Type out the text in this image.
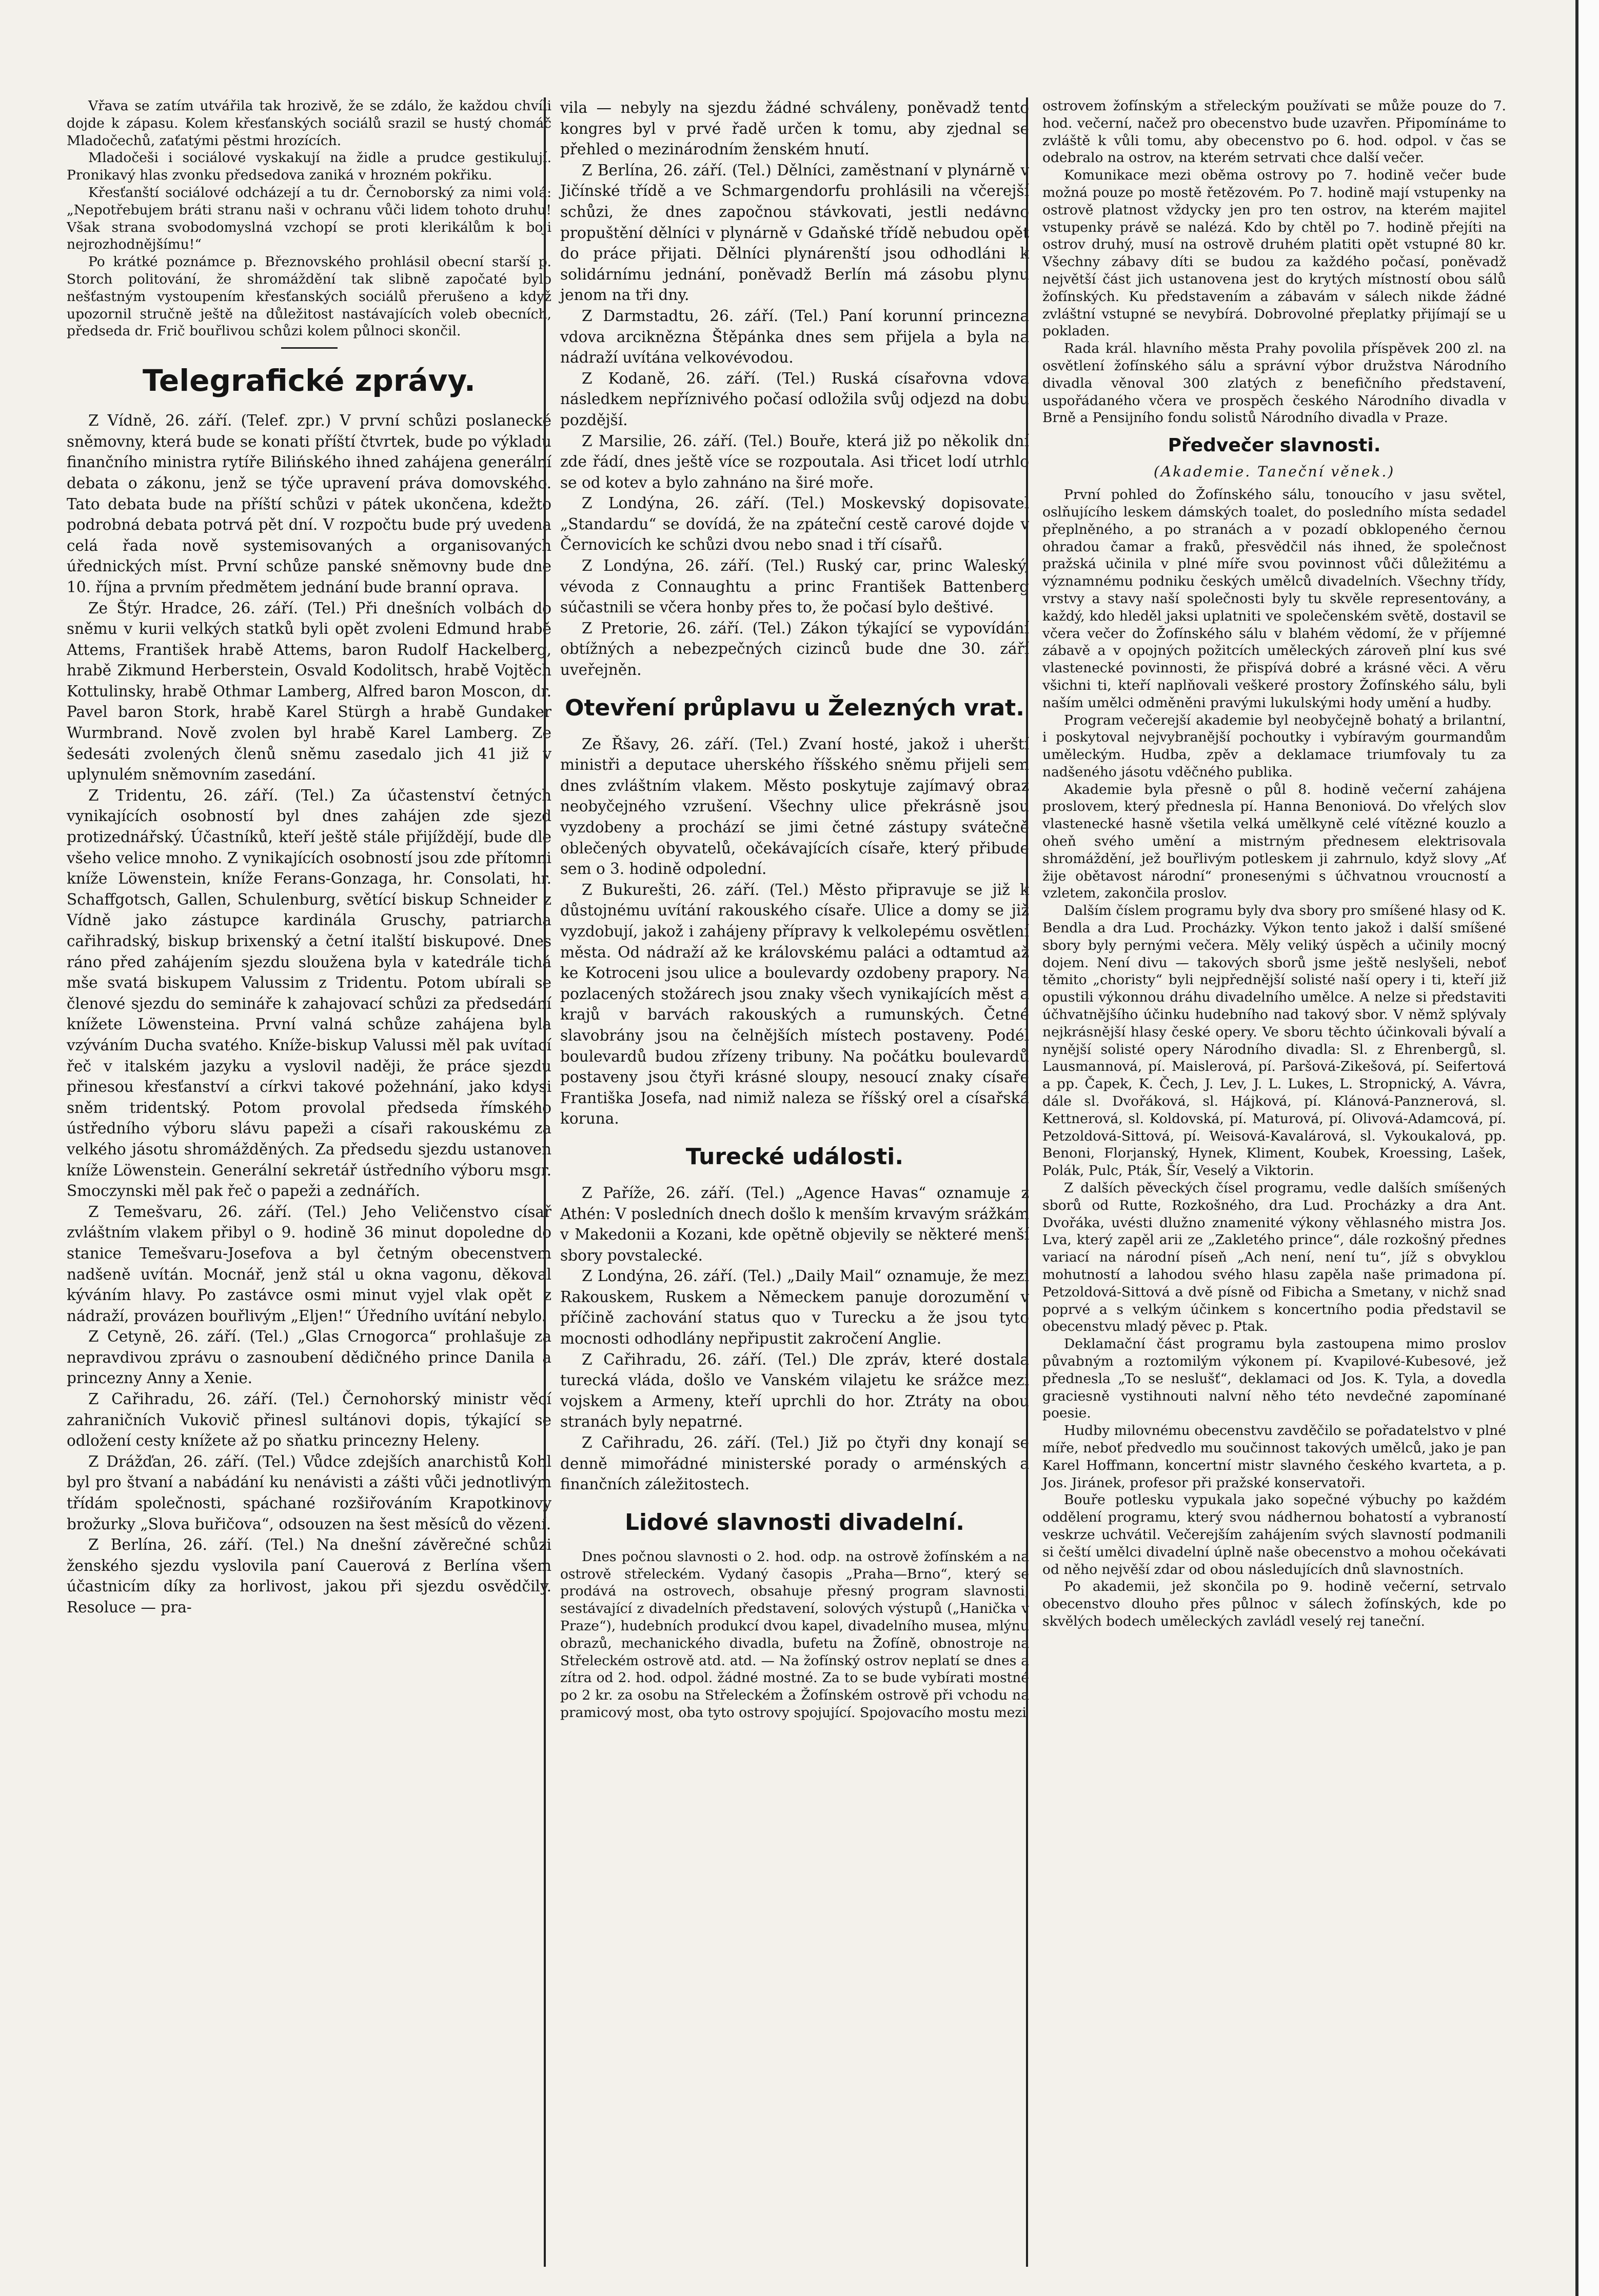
Vřava se zatím utvářila tak hrozivě, že se zdálo, že každou chvíli dojde k zápasu. Kolem křesťanských sociálů srazil se hustý chomáč Mladočechů, zaťatými pěstmi hrozících.

Mladočeši i sociálové vyskakují na židle a prudce gestikulují. Pronikavý hlas zvonku předsedova zaniká v hrozném pokřiku.

Křesťanští sociálové odcházejí a tu dr. Černoborský za nimi volá: „Nepotřebujem bráti stranu naši v ochranu vůči lidem tohoto druhu! Však strana svobodomyslná vzchopí se proti klerikálům k boji nejrozhodnějšímu!“

Po krátké poznámce p. Březnovského prohlásil obecní starší p. Storch politování, že shromáždění tak slibně započaté bylo nešťastným vystoupením křesťanských sociálů přerušeno a když upozornil stručně ještě na důležitost nastávajících voleb obecních, předseda dr. Frič bouřlivou schůzi kolem půlnoci skončil.

Telegrafické zprávy.

Z Vídně, 26. září. (Telef. zpr.) V první schůzi poslanecké sněmovny, která bude se konati příští čtvrtek, bude po výkladu finančního ministra rytíře Bilińského ihned zahájena generální debata o zákonu, jenž se týče upravení práva domovského. Tato debata bude na příští schůzi v pátek ukončena, kdežto podrobná debata potrvá pět dní. V rozpočtu bude prý uvedena celá řada nově systemisovaných a organisovaných úřednických míst. První schůze panské sněmovny bude dne 10. října a prvním předmětem jednání bude branní oprava.

Ze Štýr. Hradce, 26. září. (Tel.) Při dnešních volbách do sněmu v kurii velkých statků byli opět zvoleni Edmund hrabě Attems, František hrabě Attems, baron Rudolf Hackelberg, hrabě Zikmund Herberstein, Osvald Kodolitsch, hrabě Vojtěch Kottulinsky, hrabě Othmar Lamberg, Alfred baron Moscon, dr. Pavel baron Stork, hrabě Karel Stürgh a hrabě Gundaker Wurmbrand. Nově zvolen byl hrabě Karel Lamberg. Ze šedesáti zvolených členů sněmu zasedalo jich 41 již v uplynulém sněmovním zasedání.

Z Tridentu, 26. září. (Tel.) Za účastenství četných vynikajících osobností byl dnes zahájen zde sjezd protizednářský. Účastníků, kteří ještě stále přijíždějí, bude dle všeho velice mnoho. Z vynikajících osobností jsou zde přítomni kníže Löwenstein, kníže Ferans-Gonzaga, hr. Consolati, hr. Schaffgotsch, Gallen, Schulenburg, světící biskup Schneider z Vídně jako zástupce kardinála Gruschy, patriarcha cařihradský, biskup brixenský a četní italští biskupové. Dnes ráno před zahájením sjezdu sloužena byla v katedrále tichá mše svatá biskupem Valussim z Tridentu. Potom ubírali se členové sjezdu do semináře k zahajovací schůzi za předsedání knížete Löwensteina. První valná schůze zahájena byla vzýváním Ducha svatého. Kníže-biskup Valussi měl pak uvítací řeč v italském jazyku a vyslovil naději, že práce sjezdu přinesou křesťanství a církvi takové požehnání, jako kdysi sněm tridentský. Potom provolal předseda římského ústředního výboru slávu papeži a císaři rakouskému za velkého jásotu shromážděných. Za předsedu sjezdu ustanoven kníže Löwenstein. Generální sekretář ústředního výboru msgr. Smoczynski měl pak řeč o papeži a zednářích.

Z Temešvaru, 26. září. (Tel.) Jeho Veličenstvo císař zvláštním vlakem přibyl o 9. hodině 36 minut dopoledne do stanice Temešvaru-Josefova a byl četným obecenstvem nadšeně uvítán. Mocnář, jenž stál u okna vagonu, děkoval kýváním hlavy. Po zastávce osmi minut vyjel vlak opět z nádraží, provázen bouřlivým „Eljen!“ Úředního uvítání nebylo.

Z Cetyně, 26. září. (Tel.) „Glas Crnogorca“ prohlašuje za nepravdivou zprávu o zasnoubení dědičného prince Danila a princezny Anny a Xenie.

Z Cařihradu, 26. září. (Tel.) Černohorský ministr věcí zahraničních Vukovič přinesl sultánovi dopis, týkající se odložení cesty knížete až po sňatku princezny Heleny.

Z Drážďan, 26. září. (Tel.) Vůdce zdejších anarchistů Kohl byl pro štvaní a nabádání ku nenávisti a zášti vůči jednotlivým třídám společnosti, spáchané rozšiřováním Krapotkinovy brožurky „Slova buřičova“, odsouzen na šest měsíců do vězení.

Z Berlína, 26. září. (Tel.) Na dnešní závěrečné schůzi ženského sjezdu vyslovila paní Cauerová z Berlína všem účastnicím díky za horlivost, jakou při sjezdu osvědčily. Resoluce — pra-

vila — nebyly na sjezdu žádné schváleny, poněvadž tento kongres byl v prvé řadě určen k tomu, aby zjednal se přehled o mezinárodním ženském hnutí.

Z Berlína, 26. září. (Tel.) Dělníci, zaměstnaní v plynárně v Jičínské třídě a ve Schmargendorfu prohlásili na včerejší schůzi, že dnes započnou stávkovati, jestli nedávno propuštění dělníci v plynárně v Gdaňské třídě nebudou opět do práce přijati. Dělníci plynárenští jsou odhodláni k solidárnímu jednání, poněvadž Berlín má zásobu plynu jenom na tři dny.

Z Darmstadtu, 26. září. (Tel.) Paní korunní princezna vdova arciknězna Štěpánka dnes sem přijela a byla na nádraží uvítána velkovévodou.

Z Kodaně, 26. září. (Tel.) Ruská císařovna vdova následkem nepříznivého počasí odložila svůj odjezd na dobu pozdější.

Z Marsilie, 26. září. (Tel.) Bouře, která již po několik dní zde řádí, dnes ještě více se rozpoutala. Asi třicet lodí utrhlo se od kotev a bylo zahnáno na širé moře.

Z Londýna, 26. září. (Tel.) Moskevský dopisovatel „Standardu“ se dovídá, že na zpáteční cestě carové dojde v Černovicích ke schůzi dvou nebo snad i tří císařů.

Z Londýna, 26. září. (Tel.) Ruský car, princ Waleský, vévoda z Connaughtu a princ František Battenberg súčastnili se včera honby přes to, že počasí bylo deštivé.

Z Pretorie, 26. září. (Tel.) Zákon týkající se vypovídání obtížných a nebezpečných cizinců bude dne 30. září uveřejněn.

Otevření průplavu u Železných vrat.

Ze Řšavy, 26. září. (Tel.) Zvaní hosté, jakož i uherští ministři a deputace uherského říšského sněmu přijeli sem dnes zvláštním vlakem. Město poskytuje zajímavý obraz neobyčejného vzrušení. Všechny ulice překrásně jsou vyzdobeny a prochází se jimi četné zástupy svátečně oblečených obyvatelů, očekávajících císaře, který přibude sem o 3. hodině odpolední.

Z Bukurešti, 26. září. (Tel.) Město připravuje se již k důstojnému uvítání rakouského císaře. Ulice a domy se již vyzdobují, jakož i zahájeny přípravy k velkolepému osvětlení města. Od nádraží až ke královskému paláci a odtamtud až ke Kotroceni jsou ulice a boulevardy ozdobeny prapory. Na pozlacených stožárech jsou znaky všech vynikajících měst a krajů v barvách rakouských a rumunských. Četné slavobrány jsou na čelnějších místech postaveny. Podél boulevardů budou zřízeny tribuny. Na počátku boulevardů postaveny jsou čtyři krásné sloupy, nesoucí znaky císaře Františka Josefa, nad nimiž naleza se říšský orel a císařská koruna.

Turecké události.

Z Paříže, 26. září. (Tel.) „Agence Havas“ oznamuje z Athén: V posledních dnech došlo k menším krvavým srážkám v Makedonii a Kozani, kde opětně objevily se některé menší sbory povstalecké.

Z Londýna, 26. září. (Tel.) „Daily Mail“ oznamuje, že mezi Rakouskem, Ruskem a Německem panuje dorozumění v příčině zachování status quo v Turecku a že jsou tyto mocnosti odhodlány nepřipustit zakročení Anglie.

Z Cařihradu, 26. září. (Tel.) Dle zpráv, které dostala turecká vláda, došlo ve Vanském vilajetu ke srážce mezi vojskem a Armeny, kteří uprchli do hor. Ztráty na obou stranách byly nepatrné.

Z Cařihradu, 26. září. (Tel.) Již po čtyři dny konají se denně mimořádné ministerské porady o arménských a finančních záležitostech.

Lidové slavnosti divadelní.

Dnes počnou slavnosti o 2. hod. odp. na ostrově žofínském a na ostrově střeleckém. Vydaný časopis „Praha—Brno“, který se prodává na ostrovech, obsahuje přesný program slavnosti, sestávající z divadelních představení, solových výstupů („Hanička v Praze“), hudebních produkcí dvou kapel, divadelního musea, mlýnu obrazů, mechanického divadla, bufetu na Žofíně, obnostroje na Střeleckém ostrově atd. atd. — Na žofínský ostrov neplatí se dnes a zítra od 2. hod. odpol. žádné mostné. Za to se bude vybírati mostné po 2 kr. za osobu na Střeleckém a Žofínském ostrově při vchodu na pramicový most, oba tyto ostrovy spojující. Spojovacího mostu mezi

ostrovem žofínským a střeleckým používati se může pouze do 7. hod. večerní, načež pro obecenstvo bude uzavřen. Připomínáme to zvláště k vůli tomu, aby obecenstvo po 6. hod. odpol. v čas se odebralo na ostrov, na kterém setrvati chce další večer.

Komunikace mezi oběma ostrovy po 7. hodině večer bude možná pouze po mostě řetězovém. Po 7. hodině mají vstupenky na ostrově platnost vždycky jen pro ten ostrov, na kterém majitel vstupenky právě se nalézá. Kdo by chtěl po 7. hodině přejíti na ostrov druhý, musí na ostrově druhém platiti opět vstupné 80 kr. Všechny zábavy díti se budou za každého počasí, poněvadž největší část jich ustanovena jest do krytých místností obou sálů žofínských. Ku představením a zábavám v sálech nikde žádné zvláštní vstupné se nevybírá. Dobrovolné přeplatky přijímají se u pokladen.

Rada král. hlavního města Prahy povolila příspěvek 200 zl. na osvětlení žofínského sálu a správní výbor družstva Národního divadla věnoval 300 zlatých z benefičního představení, uspořádaného včera ve prospěch českého Národního divadla v Brně a Pensijního fondu solistů Národního divadla v Praze.

Předvečer slavnosti.
(Akademie. Taneční věnek.)

První pohled do Žofínského sálu, tonoucího v jasu světel, oslňujícího leskem dámských toalet, do posledního místa sedadel přeplněného, a po stranách a v pozadí obklopeného černou ohradou čamar a fraků, přesvědčil nás ihned, že společnost pražská učinila v plné míře svou povinnost vůči důležitému a významnému podniku českých umělců divadelních. Všechny třídy, vrstvy a stavy naší společnosti byly tu skvěle representovány, a každý, kdo hleděl jaksi uplatniti ve společenském světě, dostavil se včera večer do Žofínského sálu v blahém vědomí, že v příjemné zábavě a v opojných požitcích uměleckých zároveň plní kus své vlastenecké povinnosti, že přispívá dobré a krásné věci. A věru všichni ti, kteří naplňovali veškeré prostory Žofínského sálu, byli naším umělci odměněni pravými lukulskými hody umění a hudby.

Program večerejší akademie byl neobyčejně bohatý a brilantní, i poskytoval nejvybranější pochoutky i vybíravým gourmandům uměleckým. Hudba, zpěv a deklamace triumfovaly tu za nadšeného jásotu vděčného publika.

Akademie byla přesně o půl 8. hodině večerní zahájena proslovem, který přednesla pí. Hanna Benoniová. Do vřelých slov vlastenecké hasně všetila velká umělkyně celé vítězné kouzlo a oheň svého umění a mistrným přednesem elektrisovala shromáždění, jež bouřlivým potleskem ji zahrnulo, když slovy „Ať žije obětavost národní“ pronesenými s účhvatnou vroucností a vzletem, zakončila proslov.

Dalším číslem programu byly dva sbory pro smíšené hlasy od K. Bendla a dra Lud. Procházky. Výkon tento jakož i další smíšené sbory byly pernými večera. Měly veliký úspěch a učinily mocný dojem. Není divu — takových sborů jsme ještě neslyšeli, neboť těmito „choristy“ byli nejpřednější solisté naší opery i ti, kteří již opustili výkonnou dráhu divadelního umělce. A nelze si představiti účhvatnějšího účinku hudebního nad takový sbor. V němž splývaly nejkrásnější hlasy české opery. Ve sboru těchto účinkovali bývalí a nynější solisté opery Národního divadla: Sl. z Ehrenbergů, sl. Lausmannová, pí. Maislerová, pí. Paršová-Zikešová, pí. Seifertová a pp. Čapek, K. Čech, J. Lev, J. L. Lukes, L. Stropnický, A. Vávra, dále sl. Dvořáková, sl. Hájková, pí. Klánová-Panznerová, sl. Kettnerová, sl. Koldovská, pí. Maturová, pí. Olivová-Adamcová, pí. Petzoldová-Sittová, pí. Weisová-Kavalárová, sl. Vykoukalová, pp. Benoni, Florjanský, Hynek, Kliment, Koubek, Kroessing, Lašek, Polák, Pulc, Pták, Šír, Veselý a Viktorin.

Z dalších pěveckých čísel programu, vedle dalších smíšených sborů od Rutte, Rozkošného, dra Lud. Procházky a dra Ant. Dvořáka, uvésti dlužno znamenité výkony věhlasného mistra Jos. Lva, který zapěl arii ze „Zakletého prince“, dále rozkošný přednes variací na národní píseň „Ach není, není tu“, jíž s obvyklou mohutností a lahodou svého hlasu zapěla naše primadona pí. Petzoldová-Sittová a dvě písně od Fibicha a Smetany, v nichž snad poprvé a s velkým účinkem s koncertního podia představil se obecenstvu mladý pěvec p. Ptak.

Deklamační část programu byla zastoupena mimo proslov půvabným a roztomilým výkonem pí. Kvapilové-Kubesové, jež přednesla „To se neslušť“, deklamaci od Jos. K. Tyla, a dovedla graciesně vystihnouti nalvní něho této nevdečné zapomínané poesie.

Hudby milovnému obecenstvu zavděčilo se pořadatelstvo v plné míře, neboť předvedlo mu součinnost takových umělců, jako je pan Karel Hoffmann, koncertní mistr slavného českého kvarteta, a p. Jos. Jiránek, profesor při pražské konservatoři.

Bouře potlesku vypukala jako sopečné výbuchy po každém oddělení programu, který svou nádhernou bohatostí a vybraností veskrze uchvátil. Večerejším zahájením svých slavností podmanili si čeští umělci divadelní úplně naše obecenstvo a mohou očekávati od něho nejvěší zdar od obou následujících dnů slavnostních.

Po akademii, jež skončila po 9. hodině večerní, setrvalo obecenstvo dlouho přes půlnoc v sálech žofínských, kde po skvělých bodech uměleckých zavládl veselý rej taneční.
